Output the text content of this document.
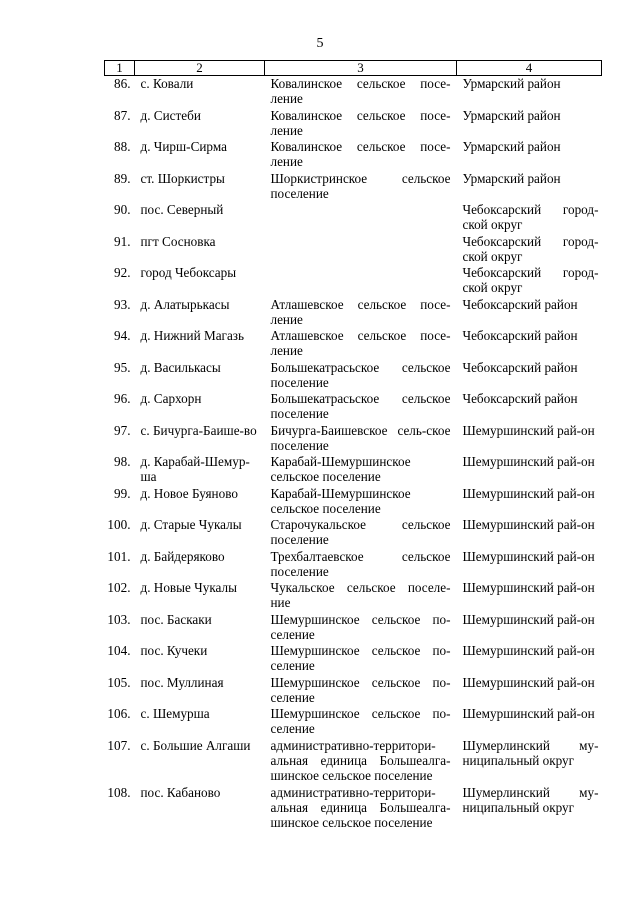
5
1	2	3	4
86.	с. Ковали	Ковалинское сельское посе-ление	Урмарский район
87.	д. Систеби	Ковалинское сельское посе-ление	Урмарский район
88.	д. Чирш-Сирма	Ковалинское сельское посе-ление	Урмарский район
89.	ст. Шоркистры	Шоркистринское сельское поселение	Урмарский район
90.	пос. Северный		Чебоксарский город-ской округ
91.	пгт Сосновка		Чебоксарский город-ской округ
92.	город Чебоксары		Чебоксарский город-ской округ
93.	д. Алатырькасы	Атлашевское сельское посе-ление	Чебоксарский район
94.	д. Нижний Магазь	Атлашевское сельское посе-ление	Чебоксарский район
95.	д. Василькасы	Большекатрасьское сельское поселение	Чебоксарский район
96.	д. Сархорн	Большекатрасьское сельское поселение	Чебоксарский район
97.	с. Бичурга-Баише-во	Бичурга-Баишевское сель-ское поселение	Шемуршинский рай-он
98.	д. Карабай-Шемур-ша	Карабай-Шемуршинское сельское поселение	Шемуршинский рай-он
99.	д. Новое Буяново	Карабай-Шемуршинское сельское поселение	Шемуршинский рай-он
100.	д. Старые Чукалы	Старочукальское сельское поселение	Шемуршинский рай-он
101.	д. Байдеряково	Трехбалтаевское сельское поселение	Шемуршинский рай-он
102.	д. Новые Чукалы	Чукальское сельское поселе-ние	Шемуршинский рай-он
103.	пос. Баскаки	Шемуршинское сельское по-селение	Шемуршинский рай-он
104.	пос. Кучеки	Шемуршинское сельское по-селение	Шемуршинский рай-он
105.	пос. Муллиная	Шемуршинское сельское по-селение	Шемуршинский рай-он
106.	с. Шемурша	Шемуршинское сельское по-селение	Шемуршинский рай-он
107.	с. Большие Алгаши	административно-территори-альная единица Большеалга-шинское сельское поселение	Шумерлинский му-ниципальный округ
108.	пос. Кабаново	административно-территори-альная единица Большеалга-шинское сельское поселение	Шумерлинский му-ниципальный округ
